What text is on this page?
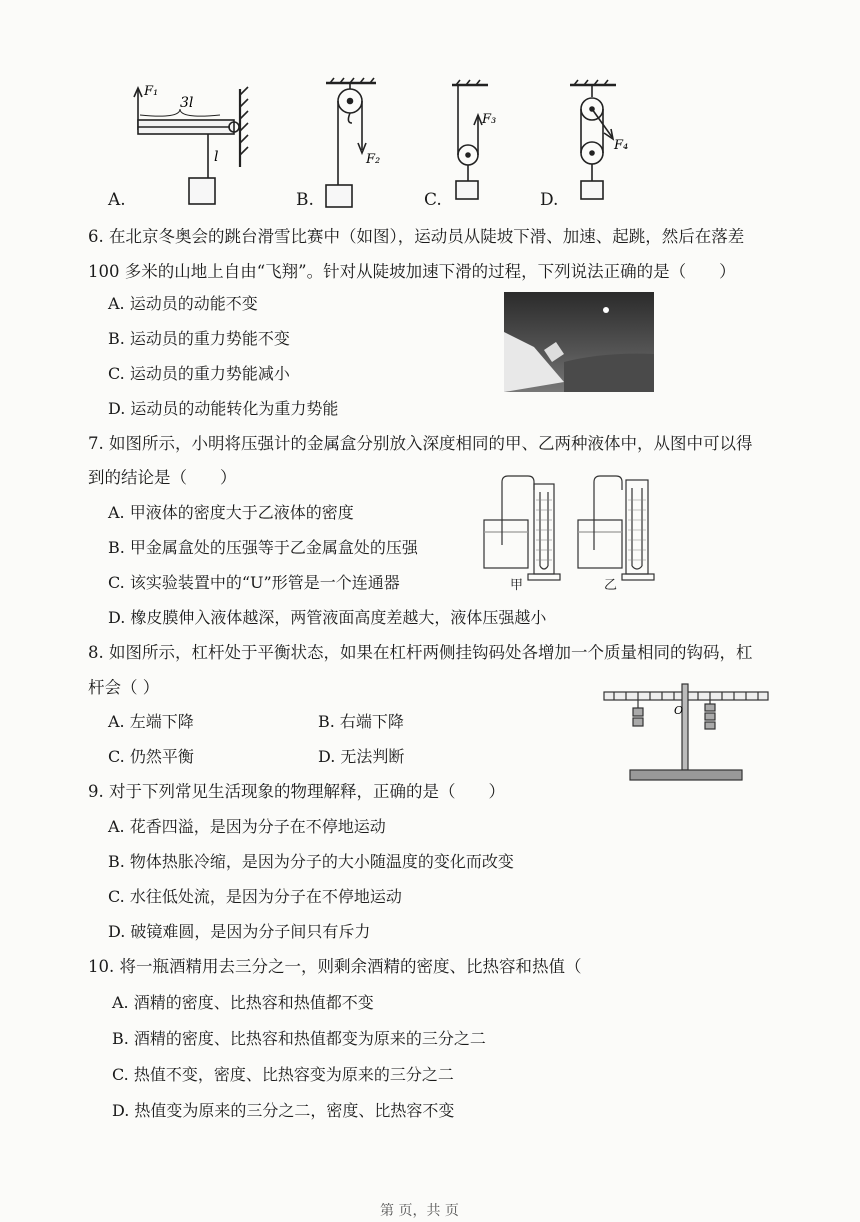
F₁
3l
l	F₂
F₃
F₄
A.	B.	C.	D.
6. 在北京冬奥会的跳台滑雪比赛中（如图），运动员从陡坡下滑、加速、起跳，然后在落差
100 多米的山地上自由“飞翔”。针对从陡坡加速下滑的过程，下列说法正确的是（　　）
A. 运动员的动能不变
B. 运动员的重力势能不变
C. 运动员的重力势能减小
D. 运动员的动能转化为重力势能
7. 如图所示，小明将压强计的金属盒分别放入深度相同的甲、乙两种液体中，从图中可以得
到的结论是（　　）
A. 甲液体的密度大于乙液体的密度
B. 甲金属盒处的压强等于乙金属盒处的压强
C. 该实验装置中的“U”形管是一个连通器
D. 橡皮膜伸入液体越深，两管液面高度差越大，液体压强越小
甲	乙
8. 如图所示，杠杆处于平衡状态，如果在杠杆两侧挂钩码处各增加一个质量相同的钩码，杠
杆会（ ）
A. 左端下降	B. 右端下降
C. 仍然平衡	D. 无法判断
O
9. 对于下列常见生活现象的物理解释，正确的是（　　）
A. 花香四溢，是因为分子在不停地运动
B. 物体热胀冷缩，是因为分子的大小随温度的变化而改变
C. 水往低处流，是因为分子在不停地运动
D. 破镜难圆，是因为分子间只有斥力
10. 将一瓶酒精用去三分之一，则剩余酒精的密度、比热容和热值（
A. 酒精的密度、比热容和热值都不变
B. 酒精的密度、比热容和热值都变为原来的三分之二
C. 热值不变，密度、比热容变为原来的三分之二
D. 热值变为原来的三分之二，密度、比热容不变
第 页，共 页
